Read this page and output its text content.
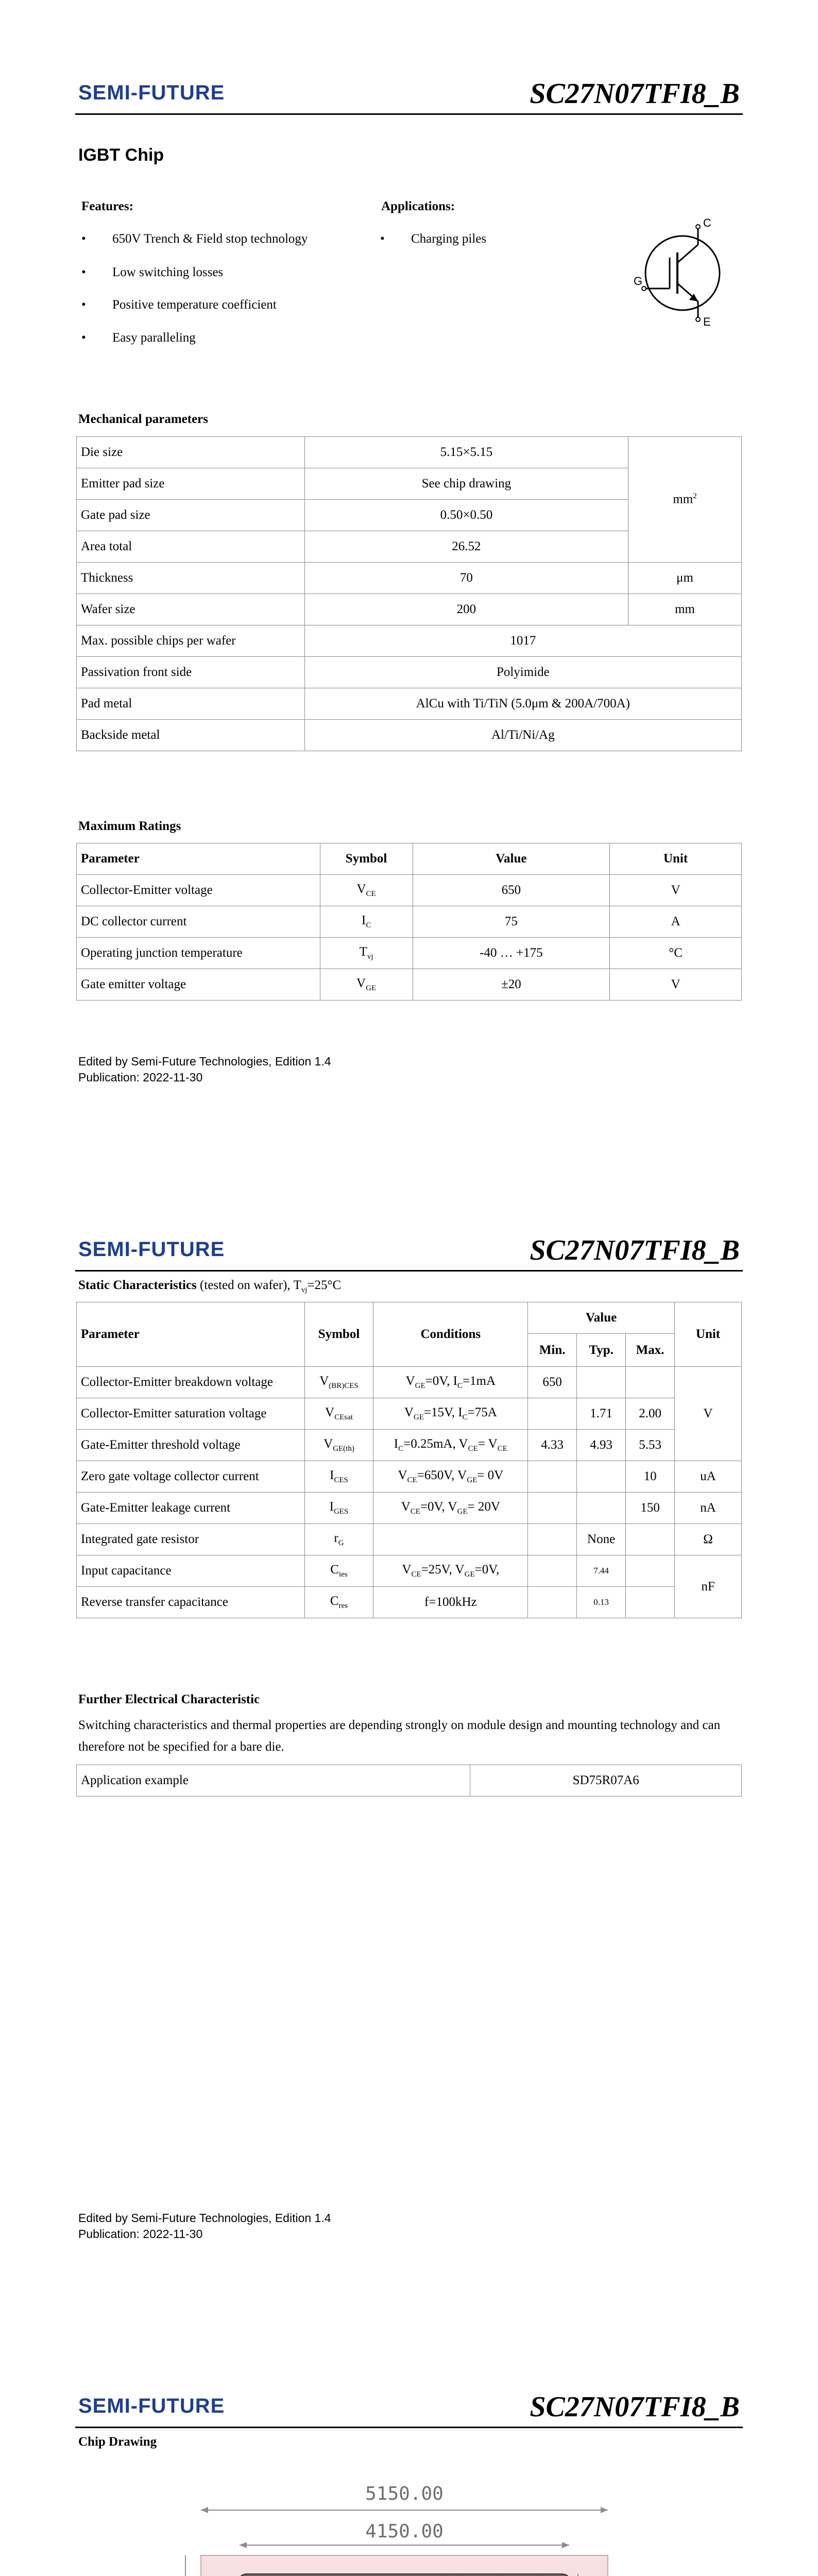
SEMI-FUTURE	SC27N07TFI8_B
IGBT Chip
Features:
• 650V Trench & Field stop technology
• Low switching losses
• Positive temperature coefficient
• Easy paralleling
Applications:
• Charging piles
C
G
E
Mechanical parameters
Die size	5.15×5.15	$mm^2$
Emitter pad size	See chip drawing	
Gate pad size	0.50×0.50	
Area total	26.52	
Thickness	70	μm
Wafer size	200	mm
Max. possible chips per wafer	1017	
Passivation front side	Polyimide	
Pad metal	AlCu with Ti/TiN (5.0μm & 200A/700A)	
Backside metal	Al/Ti/Ni/Ag	
Maximum Ratings
Parameter	Symbol	Value	Unit
Collector-Emitter voltage	$V_{CE}$	650	V
DC collector current	$I_C$	75	A
Operating junction temperature	$T_{vj}$	-40 … +175	°C
Gate emitter voltage	$V_{GE}$	±20	V
Edited by Semi-Future Technologies, Edition 1.4
Publication: 2022-11-30
SEMI-FUTURE	SC27N07TFI8_B
Static Characteristics (tested on wafer), $T_{vj}=25^\circ C$
Parameter	Symbol	Conditions	Value			Unit
			Min.	Typ.	Max.	
Collector-Emitter breakdown voltage	$V_{(BR)CES}$	$V_{GE}=0V$, $I_C=1mA$	650			V
Collector-Emitter saturation voltage	$V_{CEsat}$	$V_{GE}=15V$, $I_C=75A$		1.71	2.00	
Gate-Emitter threshold voltage	$V_{GE(th)}$	$I_C=0.25mA$, $V_{CE}= V_{CE}$	4.33	4.93	5.53	
Zero gate voltage collector current	$I_{CES}$	$V_{CE}=650V$, $V_{GE}= 0V$			10	uA
Gate-Emitter leakage current	$I_{GES}$	$V_{CE}=0V$, $V_{GE}= 20V$			150	nA
Integrated gate resistor	$r_G$			None		Ω
Input capacitance	$C_{ies}$	$V_{CE}=25V$, $V_{GE}=0V$,		7.44		nF
Reverse transfer capacitance	$C_{res}$	f=100kHz		0.13		
Further Electrical Characteristic
Switching characteristics and thermal properties are depending strongly on module design and mounting technology and can therefore not be specified for a bare die.
Application example	SD75R07A6
Edited by Semi-Future Technologies, Edition 1.4
Publication: 2022-11-30
SEMI-FUTURE	SC27N07TFI8_B
Chip Drawing
5150.00
4150.00
